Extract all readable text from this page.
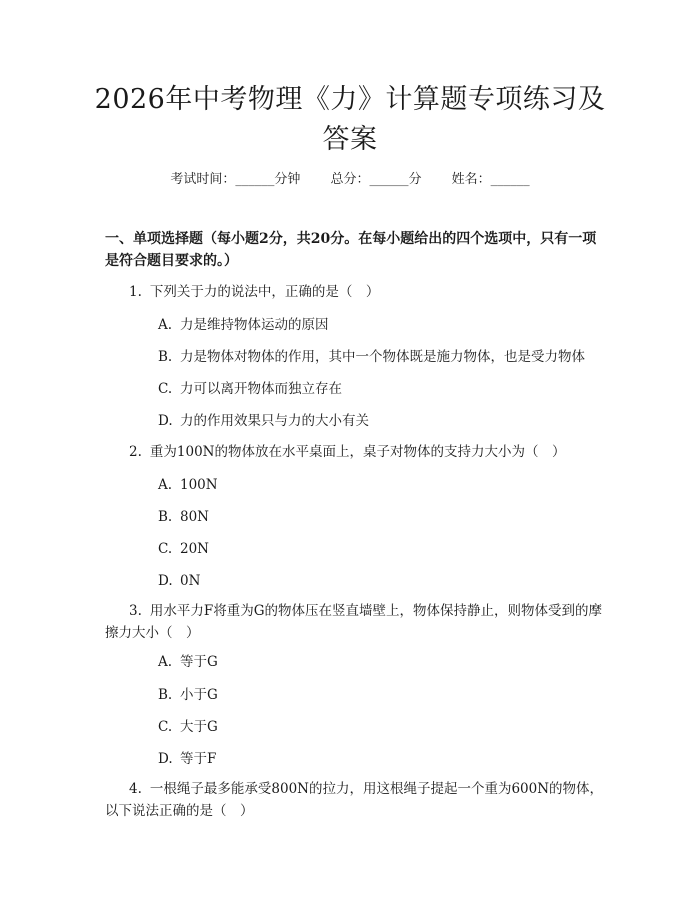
2026年中考物理《力》计算题专项练习及答案
考试时间：______分钟 总分：______分 姓名：______
一、单项选择题（每小题2分，共20分。在每小题给出的四个选项中，只有一项是符合题目要求的。）
1. 下列关于力的说法中，正确的是（　）
A. 力是维持物体运动的原因
B. 力是物体对物体的作用，其中一个物体既是施力物体，也是受力物体
C. 力可以离开物体而独立存在
D. 力的作用效果只与力的大小有关
2. 重为100N的物体放在水平桌面上，桌子对物体的支持力大小为（　）
A. 100N
B. 80N
C. 20N
D. 0N
3. 用水平力F将重为G的物体压在竖直墙壁上，物体保持静止，则物体受到的摩擦力大小（　）
A. 等于G
B. 小于G
C. 大于G
D. 等于F
4. 一根绳子最多能承受800N的拉力，用这根绳子提起一个重为600N的物体，以下说法正确的是（　）
